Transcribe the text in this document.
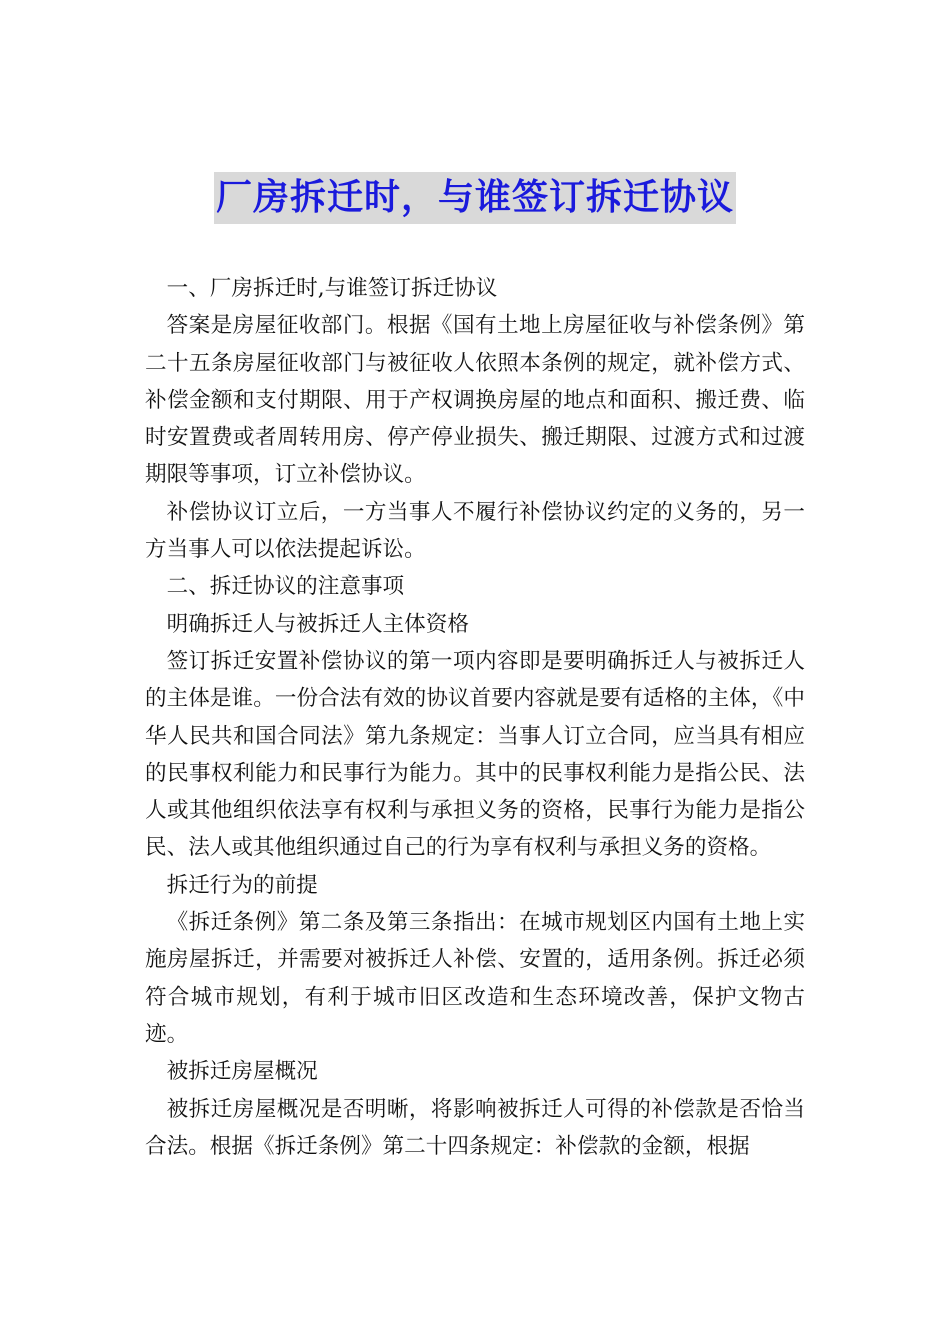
厂房拆迁时，与谁签订拆迁协议

一、厂房拆迁时,与谁签订拆迁协议

答案是房屋征收部门。根据《国有土地上房屋征收与补偿条例》第二十五条房屋征收部门与被征收人依照本条例的规定，就补偿方式、补偿金额和支付期限、用于产权调换房屋的地点和面积、搬迁费、临时安置费或者周转用房、停产停业损失、搬迁期限、过渡方式和过渡期限等事项，订立补偿协议。

补偿协议订立后，一方当事人不履行补偿协议约定的义务的，另一方当事人可以依法提起诉讼。

二、拆迁协议的注意事项

明确拆迁人与被拆迁人主体资格

签订拆迁安置补偿协议的第一项内容即是要明确拆迁人与被拆迁人的主体是谁。一份合法有效的协议首要内容就是要有适格的主体，《中华人民共和国合同法》第九条规定：当事人订立合同，应当具有相应的民事权利能力和民事行为能力。其中的民事权利能力是指公民、法人或其他组织依法享有权利与承担义务的资格，民事行为能力是指公民、法人或其他组织通过自己的行为享有权利与承担义务的资格。

拆迁行为的前提

《拆迁条例》第二条及第三条指出：在城市规划区内国有土地上实施房屋拆迁，并需要对被拆迁人补偿、安置的，适用条例。拆迁必须符合城市规划，有利于城市旧区改造和生态环境改善，保护文物古迹。

被拆迁房屋概况

被拆迁房屋概况是否明晰，将影响被拆迁人可得的补偿款是否恰当合法。根据《拆迁条例》第二十四条规定：补偿款的金额，根据
